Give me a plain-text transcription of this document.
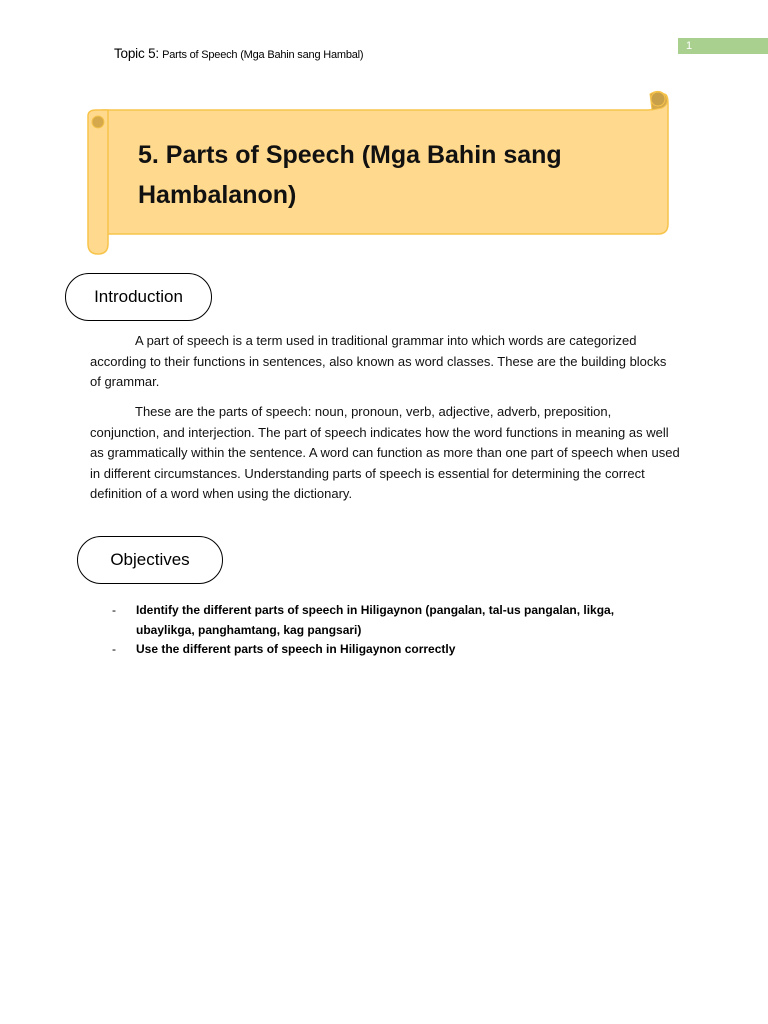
Topic 5: Parts of Speech (Mga Bahin sang Hambal)
1
5. Parts of Speech (Mga Bahin sang Hambalanon)
Introduction

A part of speech is a term used in traditional grammar into which words are categorized according to their functions in sentences, also known as word classes. These are the building blocks of grammar.

These are the parts of speech: noun, pronoun, verb, adjective, adverb, preposition, conjunction, and interjection. The part of speech indicates how the word functions in meaning as well as grammatically within the sentence. A word can function as more than one part of speech when used in different circumstances. Understanding parts of speech is essential for determining the correct definition of a word when using the dictionary.

Objectives
- Identify the different parts of speech in Hiligaynon (pangalan, tal-us pangalan, likga, ubaylikga, panghamtang, kag pangsari)
- Use the different parts of speech in Hiligaynon correctly
